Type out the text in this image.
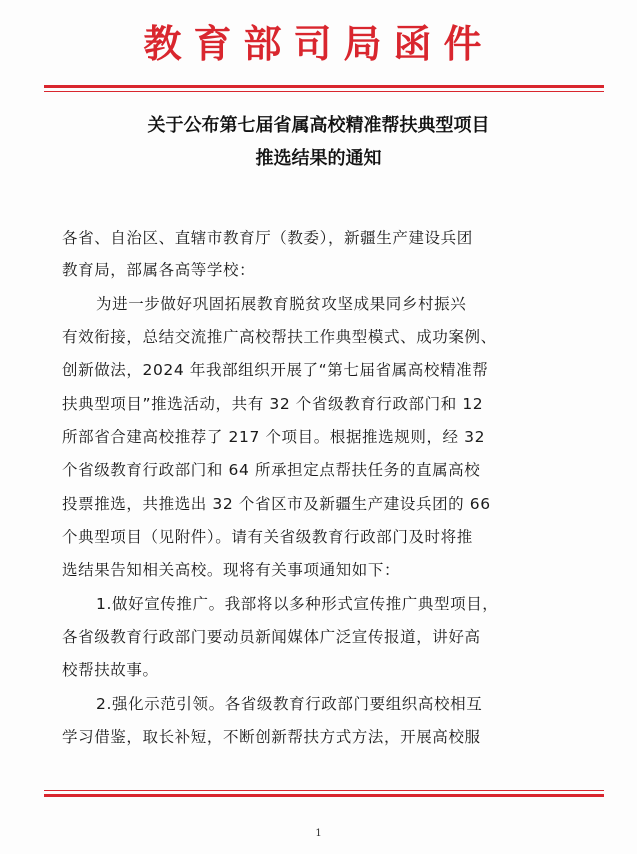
教育部司局函件
关于公布第七届省属高校精准帮扶典型项目
推选结果的通知
各省、自治区、直辖市教育厅（教委），新疆生产建设兵团
教育局，部属各高等学校：
为进一步做好巩固拓展教育脱贫攻坚成果同乡村振兴
有效衔接，总结交流推广高校帮扶工作典型模式、成功案例、
创新做法，2024 年我部组织开展了“第七届省属高校精准帮
扶典型项目”推选活动，共有 32 个省级教育行政部门和 12
所部省合建高校推荐了 217 个项目。根据推选规则，经 32
个省级教育行政部门和 64 所承担定点帮扶任务的直属高校
投票推选，共推选出 32 个省区市及新疆生产建设兵团的 66
个典型项目（见附件）。请有关省级教育行政部门及时将推
选结果告知相关高校。现将有关事项通知如下：
1.做好宣传推广。我部将以多种形式宣传推广典型项目，
各省级教育行政部门要动员新闻媒体广泛宣传报道，讲好高
校帮扶故事。
2.强化示范引领。各省级教育行政部门要组织高校相互
学习借鉴，取长补短，不断创新帮扶方式方法，开展高校服
1
